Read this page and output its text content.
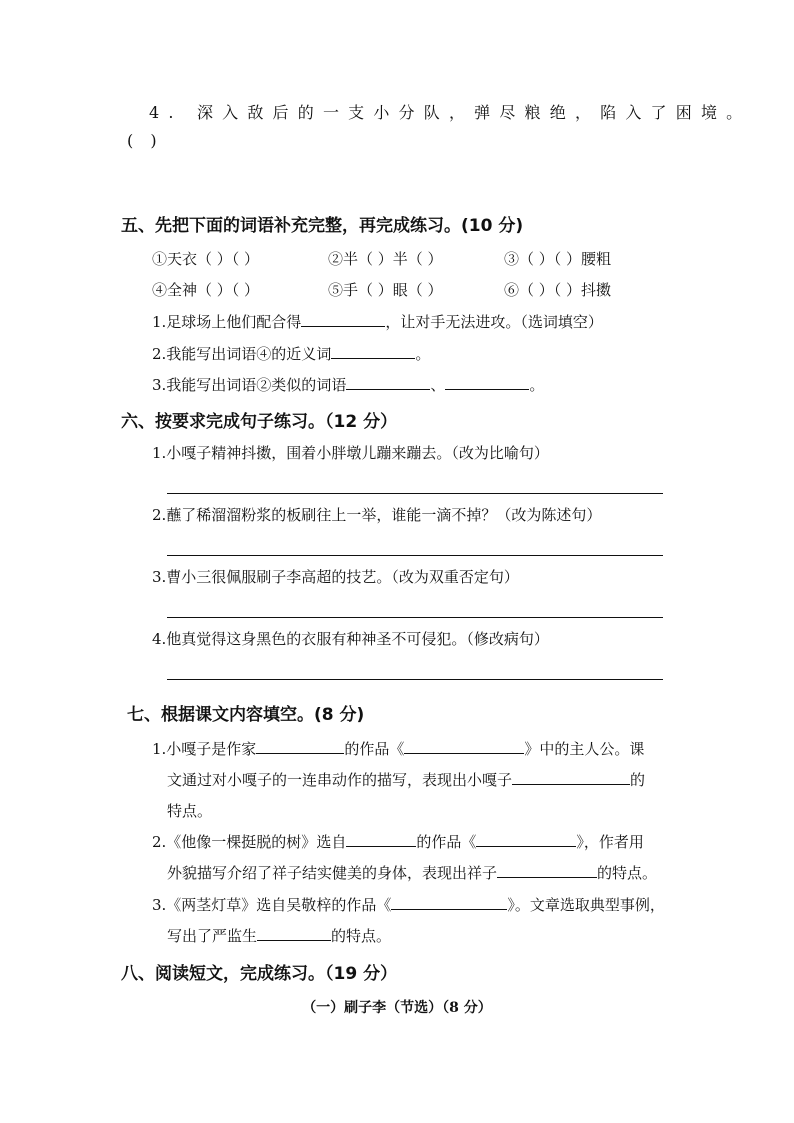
4. 深入敌后的一支小分队，弹尽粮绝，陷入了困境。
( )
五、先把下面的词语补充完整，再完成练习。(10 分)
①天衣（ ）（ ）	②半（ ）半（ ）	③（ ）（ ）腰粗
④全神（ ）（ ）	⑤手（ ）眼（ ）	⑥（ ）（ ）抖擞
1.足球场上他们配合得	，让对手无法进攻。（选词填空）
2.我能写出词语④的近义词	。
3.我能写出词语②类似的词语	、	。
六、按要求完成句子练习。（12 分）
1.小嘎子精神抖擞，围着小胖墩儿蹦来蹦去。（改为比喻句）
2.蘸了稀溜溜粉浆的板刷往上一举，谁能一滴不掉？（改为陈述句）
3.曹小三很佩服刷子李高超的技艺。（改为双重否定句）
4.他真觉得这身黑色的衣服有种神圣不可侵犯。（修改病句）
七、根据课文内容填空。(8 分)
1.小嘎子是作家	的作品《	》中的主人公。课
文通过对小嘎子的一连串动作的描写，表现出小嘎子	的
特点。
2.《他像一棵挺脱的树》选自	的作品《	》，作者用
外貌描写介绍了祥子结实健美的身体，表现出祥子	的特点。
3.《两茎灯草》选自吴敬梓的作品《	》。文章选取典型事例，
写出了严监生	的特点。
八、阅读短文，完成练习。（19 分）
（一）刷子李（节选）（8 分）
